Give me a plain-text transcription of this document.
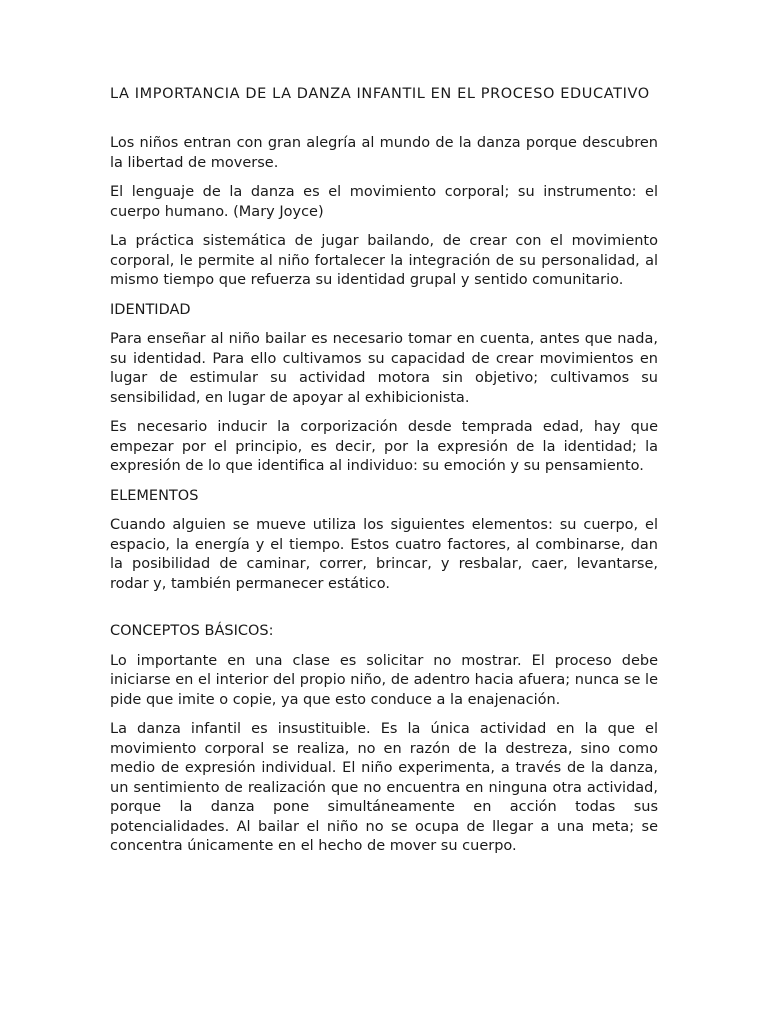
LA IMPORTANCIA DE LA DANZA INFANTIL EN EL PROCESO EDUCATIVO

Los niños entran con gran alegría al mundo de la danza porque descubren la libertad de moverse.

El lenguaje de la danza es el movimiento corporal; su instrumento: el cuerpo humano. (Mary Joyce)

La práctica sistemática de jugar bailando, de crear con el movimiento corporal, le permite al niño fortalecer la integración de su personalidad, al mismo tiempo que refuerza su identidad grupal y sentido comunitario.

IDENTIDAD

Para enseñar al niño bailar es necesario tomar en cuenta, antes que nada, su identidad. Para ello cultivamos su capacidad de crear movimientos en lugar de estimular su actividad motora sin objetivo; cultivamos su sensibilidad, en lugar de apoyar al exhibicionista.

Es necesario inducir la corporización desde temprada edad, hay que empezar por el principio, es decir, por la expresión de la identidad; la expresión de lo que identifica al individuo: su emoción y su pensamiento.

ELEMENTOS

Cuando alguien se mueve utiliza los siguientes elementos: su cuerpo, el espacio, la energía y el tiempo. Estos cuatro factores, al combinarse, dan la posibilidad de caminar, correr, brincar, y resbalar, caer, levantarse, rodar y, también permanecer estático.

CONCEPTOS BÁSICOS:

Lo importante en una clase es solicitar no mostrar. El proceso debe iniciarse en el interior del propio niño, de adentro hacia afuera; nunca se le pide que imite o copie, ya que esto conduce a la enajenación.

La danza infantil es insustituible. Es la única actividad en la que el movimiento corporal se realiza, no en razón de la destreza, sino como medio de expresión individual. El niño experimenta, a través de la danza, un sentimiento de realización que no encuentra en ninguna otra actividad, porque la danza pone simultáneamente en acción todas sus potencialidades. Al bailar el niño no se ocupa de llegar a una meta; se concentra únicamente en el hecho de mover su cuerpo.
